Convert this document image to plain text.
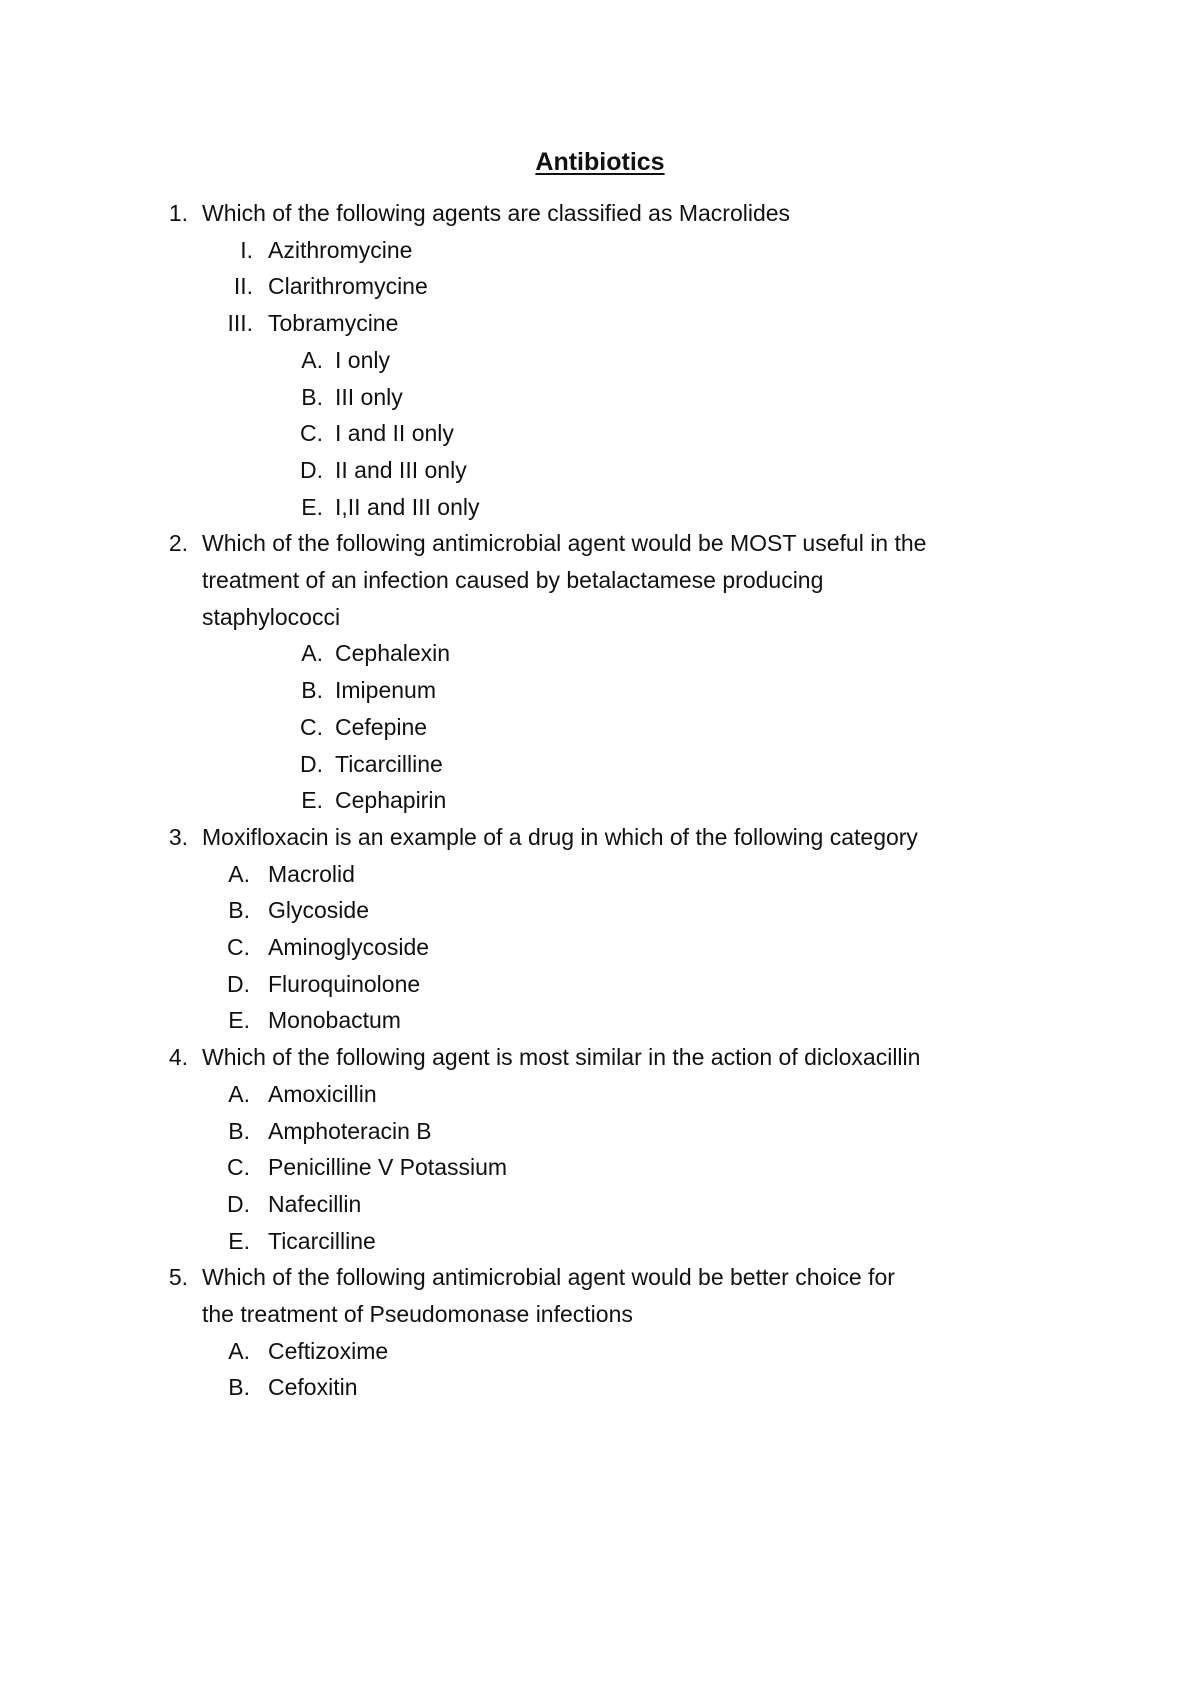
Antibiotics
1. Which of the following agents are classified as Macrolides
I. Azithromycine
II. Clarithromycine
III. Tobramycine
A. I only
B. III only
C. I and II only
D. II and III only
E. I,II and III only
2. Which of the following antimicrobial agent would be MOST useful in the
treatment of an infection caused by betalactamese producing
staphylococci
A. Cephalexin
B. Imipenum
C. Cefepine
D. Ticarcilline
E. Cephapirin
3. Moxifloxacin is an example of a drug in which of the following category
A. Macrolid
B. Glycoside
C. Aminoglycoside
D. Fluroquinolone
E. Monobactum
4. Which of the following agent is most similar in the action of dicloxacillin
A. Amoxicillin
B. Amphoteracin B
C. Penicilline V Potassium
D. Nafecillin
E. Ticarcilline
5. Which of the following antimicrobial agent would be better choice for
the treatment of Pseudomonase infections
A. Ceftizoxime
B. Cefoxitin
